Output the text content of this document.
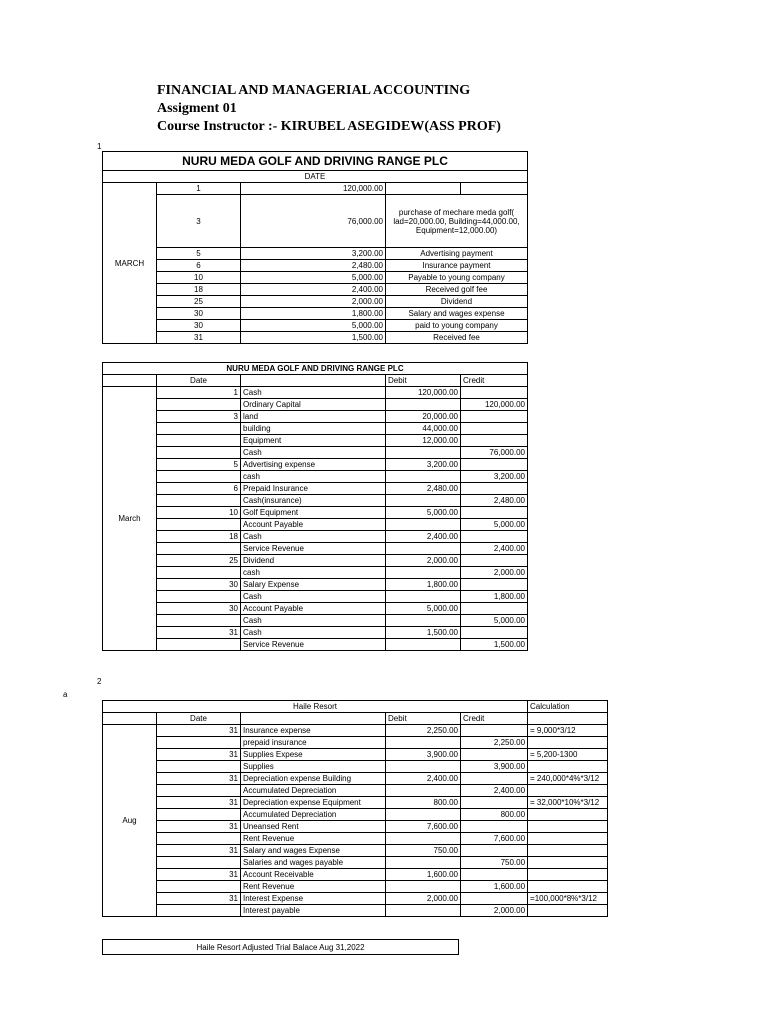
FINANCIAL AND MANAGERIAL ACCOUNTING
Assigment 01
Course Instructor :- KIRUBEL ASEGIDEW(ASS PROF)
1
2
a
NURU MEDA GOLF AND DRIVING RANGE PLC				
DATE				
MARCH	1	120,000.00		
	3	76,000.00	purchase of mechare meda golf( lad=20,000.00, Building=44,000.00, Equipment=12,000.00)	
	5	3,200.00	Advertising payment	
	6	2,480.00	Insurance payment	
	10	5,000.00	Payable to young company	
	18	2,400.00	Received golf fee	
	25	2,000.00	Dividend	
	30	1,800.00	Salary and wages expense	
	30	5,000.00	paid to young company	
	31	1,500.00	Received fee	
NURU MEDA GOLF AND DRIVING RANGE PLC				
	Date		Debit	Credit
March	1	Cash	120,000.00	
		Ordinary Capital		120,000.00
	3	land	20,000.00	
		building	44,000.00	
		Equipment	12,000.00	
		Cash		76,000.00
	5	Advertising expense	3,200.00	
		cash		3,200.00
	6	Prepaid Insurance	2,480.00	
		Cash(insurance)		2,480.00
	10	Golf Equipment	5,000.00	
		Account Payable		5,000.00
	18	Cash	2,400.00	
		Service Revenue		2,400.00
	25	Dividend	2,000.00	
		cash		2,000.00
	30	Salary Expense	1,800.00	
		Cash		1,800.00
	30	Account Payable	5,000.00	
		Cash		5,000.00
	31	Cash	1,500.00	
		Service Revenue		1,500.00
Haile Resort					Calculation
	Date		Debit	Credit	
Aug	31	Insurance expense	2,250.00		= 9,000*3/12
		prepaid insurance		2,250.00	
	31	Supplies Expese	3,900.00		= 5,200-1300
		Supplies		3,900.00	
	31	Depreciation expense Building	2,400.00		= 240,000*4%*3/12
		Accumulated Depreciation		2,400.00	
	31	Depreciation expense Equipment	800.00		= 32,000*10%*3/12
		Accumulated Depreciation		800.00	
	31	Uneansed Rent	7,600.00		
		Rent Revenue		7,600.00	
	31	Salary and wages Expense	750.00		
		Salaries and wages payable		750.00	
	31	Account Receivable	1,600.00		
		Rent Revenue		1,600.00	
	31	Interest Expense	2,000.00		=100,000*8%*3/12
		Interest payable		2,000.00	
Haile Resort Adjusted Trial Balace Aug 31,2022
